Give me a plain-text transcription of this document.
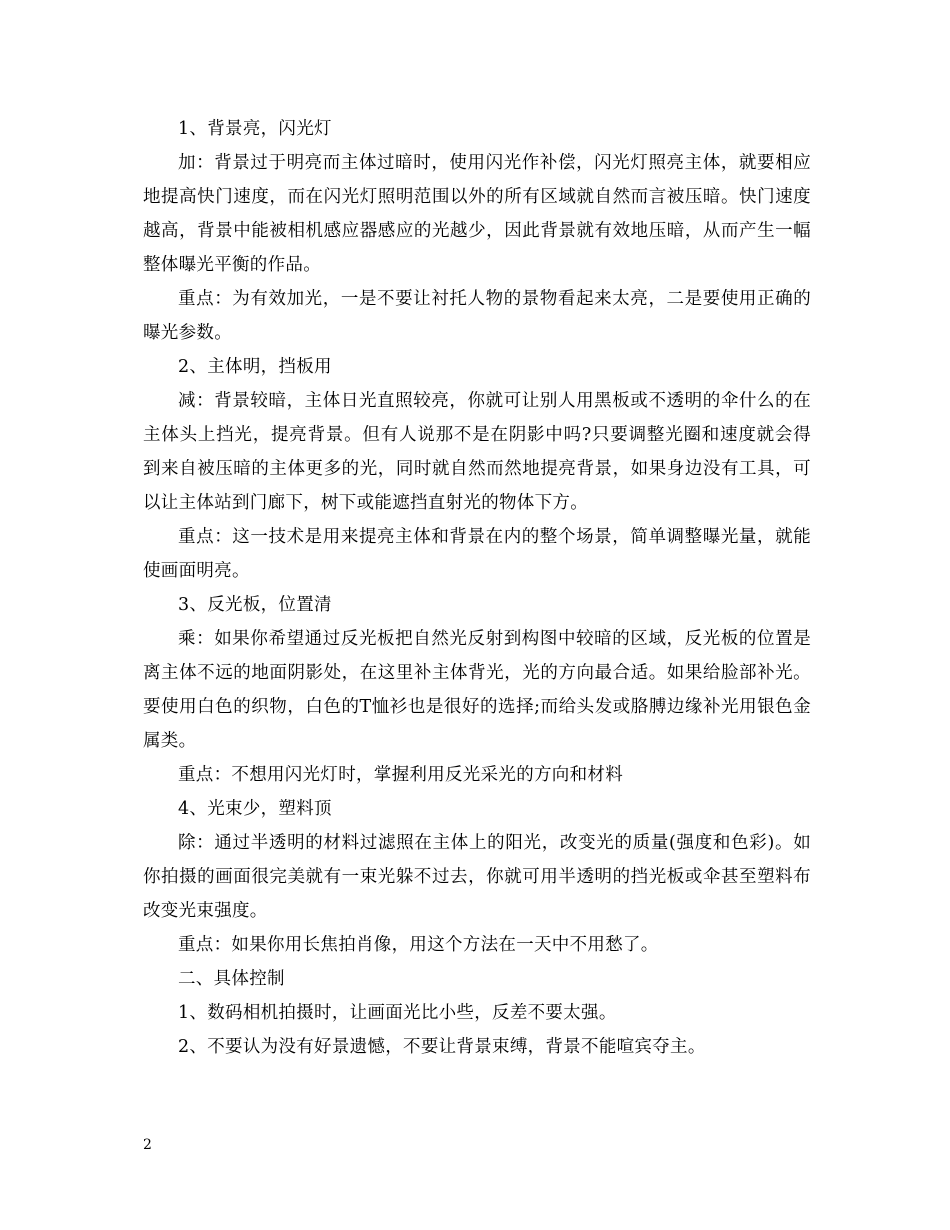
1、背景亮，闪光灯

加：背景过于明亮而主体过暗时，使用闪光作补偿，闪光灯照亮主体，就要相应地提高快门速度，而在闪光灯照明范围以外的所有区域就自然而言被压暗。快门速度越高，背景中能被相机感应器感应的光越少，因此背景就有效地压暗，从而产生一幅整体曝光平衡的作品。

重点：为有效加光，一是不要让衬托人物的景物看起来太亮，二是要使用正确的曝光参数。

2、主体明，挡板用

减：背景较暗，主体日光直照较亮，你就可让别人用黑板或不透明的伞什么的在主体头上挡光，提亮背景。但有人说那不是在阴影中吗?只要调整光圈和速度就会得到来自被压暗的主体更多的光，同时就自然而然地提亮背景，如果身边没有工具，可以让主体站到门廊下，树下或能遮挡直射光的物体下方。

重点：这一技术是用来提亮主体和背景在内的整个场景，简单调整曝光量，就能使画面明亮。

3、反光板，位置清

乘：如果你希望通过反光板把自然光反射到构图中较暗的区域，反光板的位置是离主体不远的地面阴影处，在这里补主体背光，光的方向最合适。如果给脸部补光。要使用白色的织物，白色的T恤衫也是很好的选择;而给头发或胳膊边缘补光用银色金属类。

重点：不想用闪光灯时，掌握利用反光采光的方向和材料

4、光束少，塑料顶

除：通过半透明的材料过滤照在主体上的阳光，改变光的质量(强度和色彩)。如你拍摄的画面很完美就有一束光躲不过去，你就可用半透明的挡光板或伞甚至塑料布改变光束强度。

重点：如果你用长焦拍肖像，用这个方法在一天中不用愁了。

二、具体控制

1、数码相机拍摄时，让画面光比小些，反差不要太强。

2、不要认为没有好景遗憾，不要让背景束缚，背景不能喧宾夺主。

2
